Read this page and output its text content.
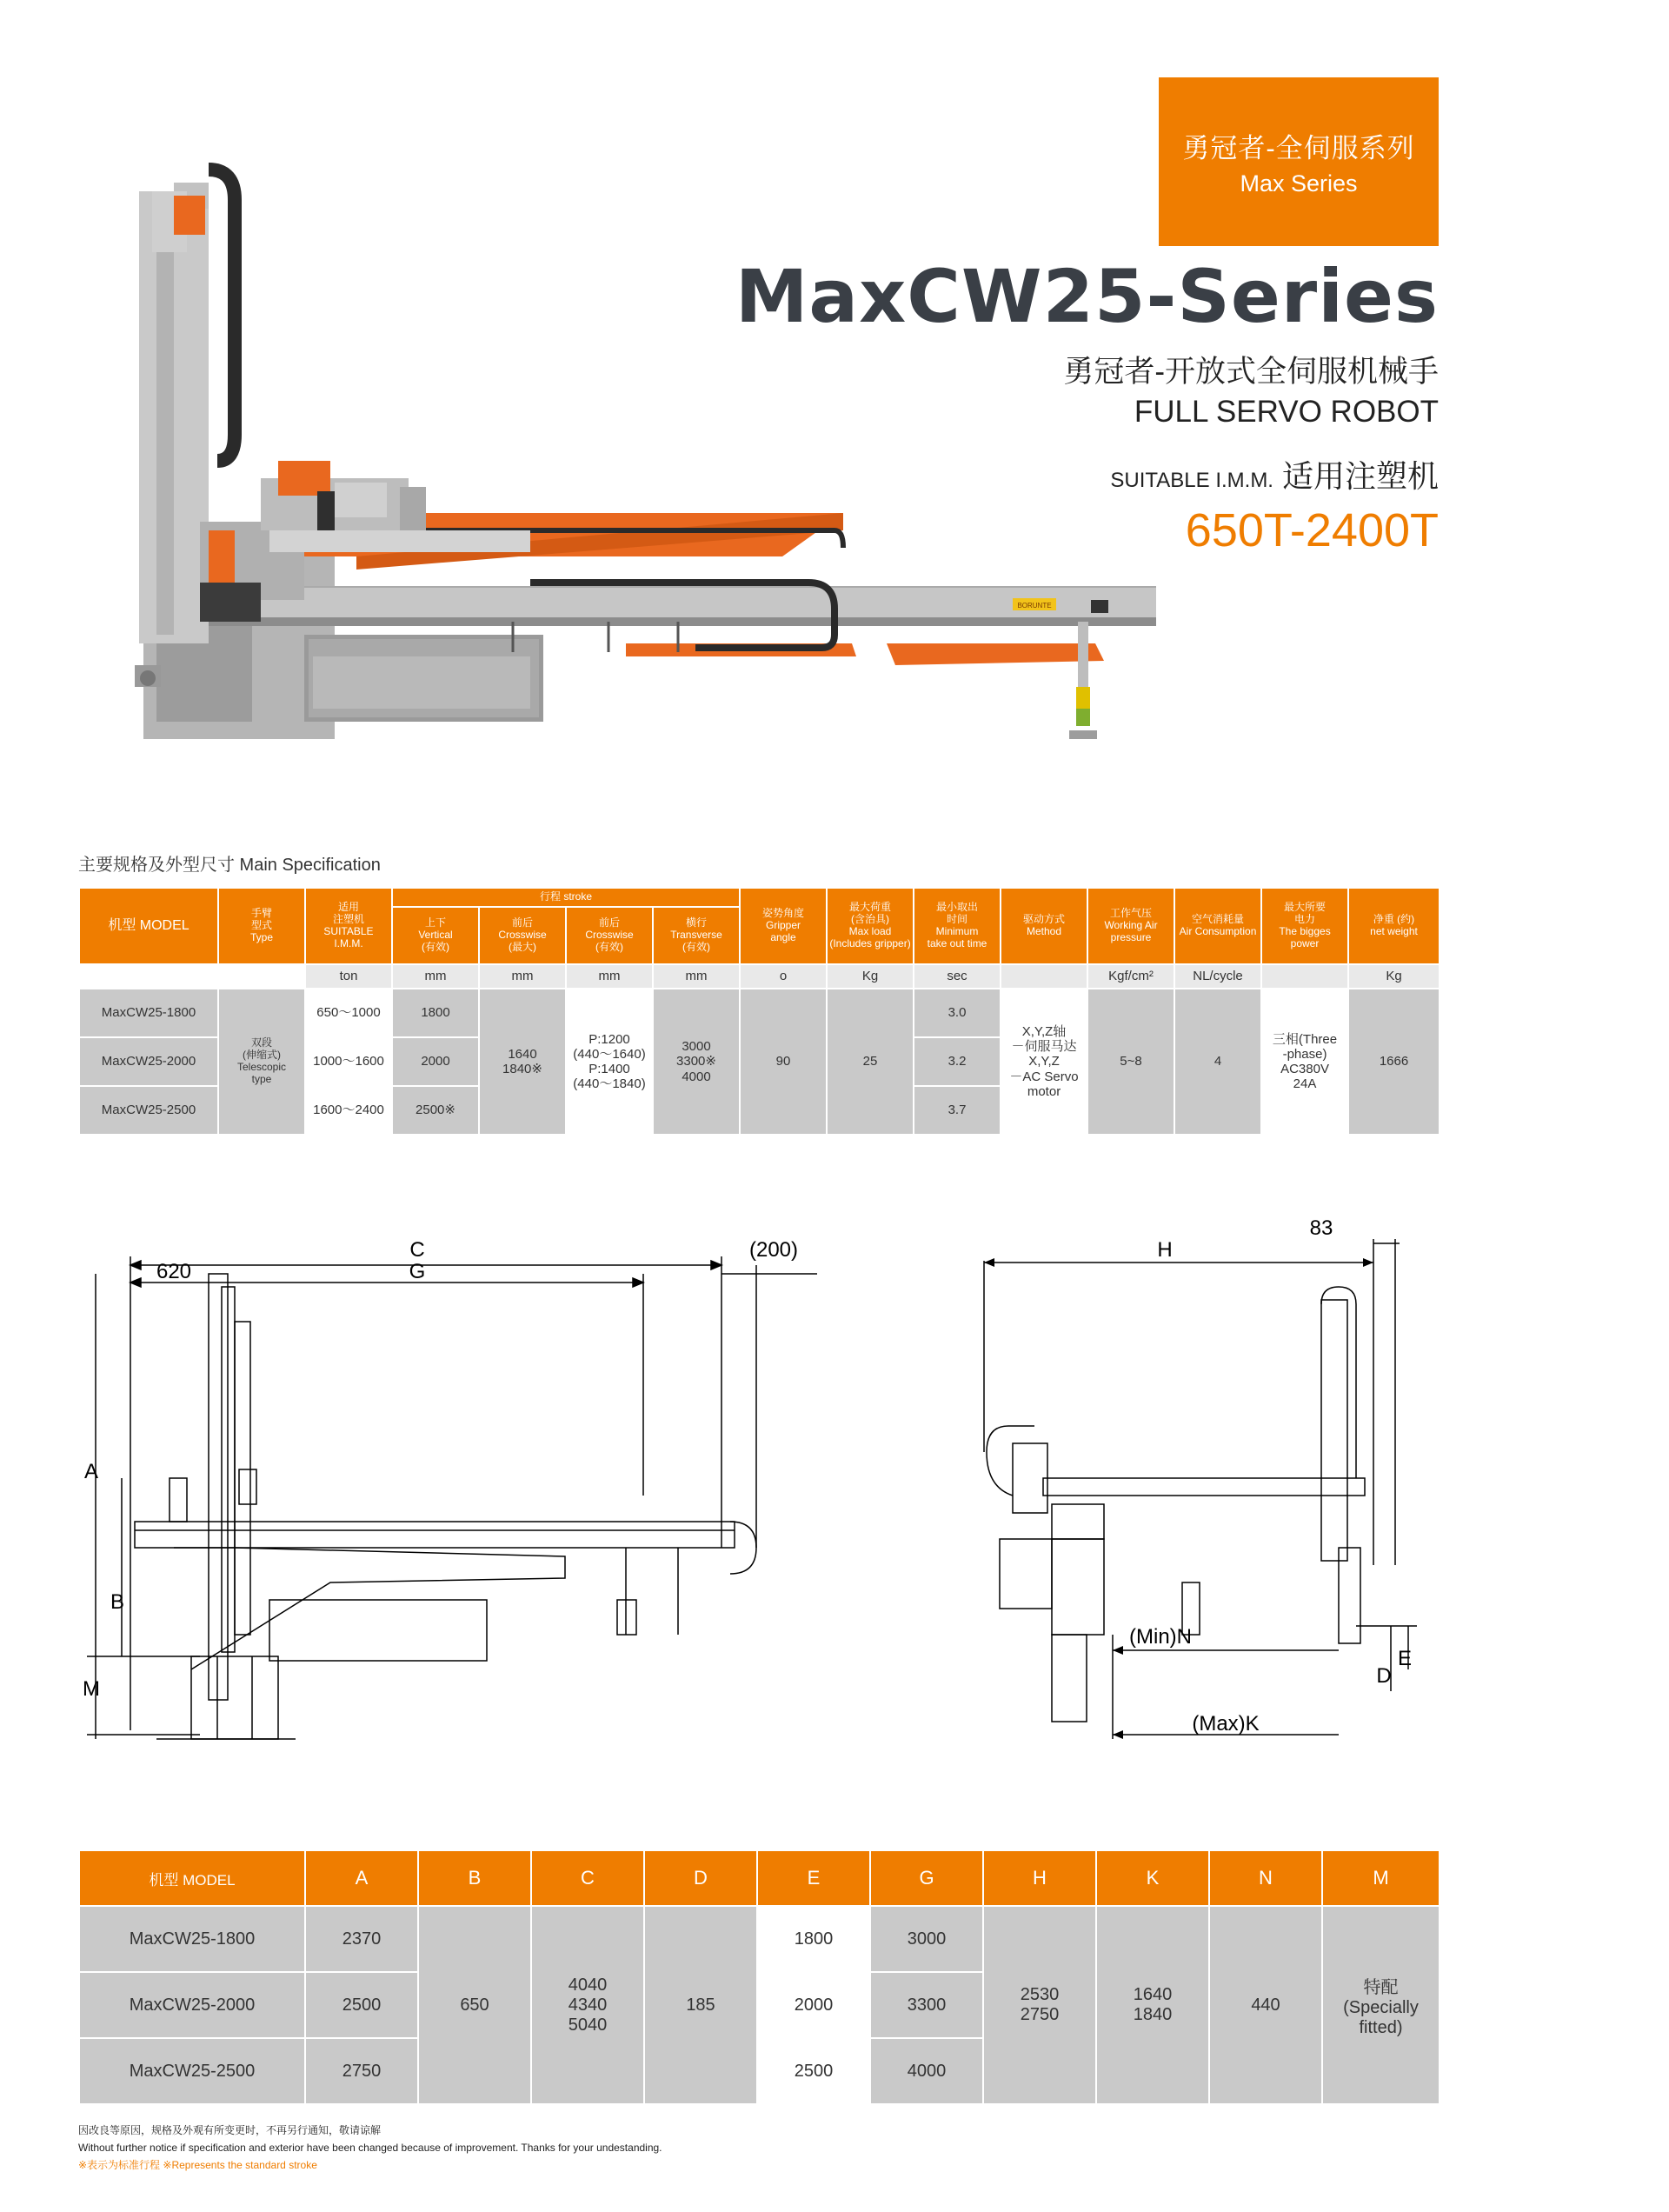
勇冠者-全伺服系列
Max Series
MaxCW25-Series
勇冠者-开放式全伺服机械手
FULL SERVO ROBOT
SUITABLE I.M.M. 适用注塑机
650T-2400T
BORUNTE
主要规格及外型尺寸 Main Specification
机型 MODEL	手臂
型式
Type	适用
注塑机
SUITABLE
I.M.M.	行程 stroke				姿势角度
Gripper
angle	最大荷重
(含治具)
Max load
(Includes gripper)	最小取出
时间
Minimum
take out time	驱动方式
Method	工作气压
Working Air
pressure	空气消耗量
Air Consumption	最大所要
电力
The bigges
power	净重 (约)
net weight
			上下
Vertical
(有效)	前后
Crosswise
(最大)	前后
Crosswise
(有效)	横行
Transverse
(有效)								
		ton	mm	mm	mm	mm	o	Kg	sec		Kgf/cm²	NL/cycle		Kg
MaxCW25-1800	双段
(伸缩式)
Telescopic
type	650～1000	1800	1640
1840※	P:1200
(440～1640)
P:1400
(440～1840)	3000
3300※
4000	90	25	3.0	X,Y,Z轴
－伺服马达
X,Y,Z
－AC Servo
motor	5~8	4	三相(Three
-phase)
AC380V
24A	1666
MaxCW25-2000		1000～1600	2000						3.2					
MaxCW25-2500		1600～2400	2500※						3.7					
C
G
620
(200)
A
B
M
H
83
(Min)N
(Max)K
D
E
机型 MODEL	A	B	C	D	E	G	H	K	N	M
MaxCW25-1800	2370	650	4040
4340
5040	185	1800	3000	2530
2750	1640
1840	440	特配
(Specially
fitted)
MaxCW25-2000	2500				2000	3300				
MaxCW25-2500	2750				2500	4000				
因改良等原因，规格及外观有所变更时，不再另行通知，敬请谅解
Without further notice if specification and exterior have been changed because of improvement. Thanks for your undestanding.
※表示为标准行程 ※Represents the standard stroke
